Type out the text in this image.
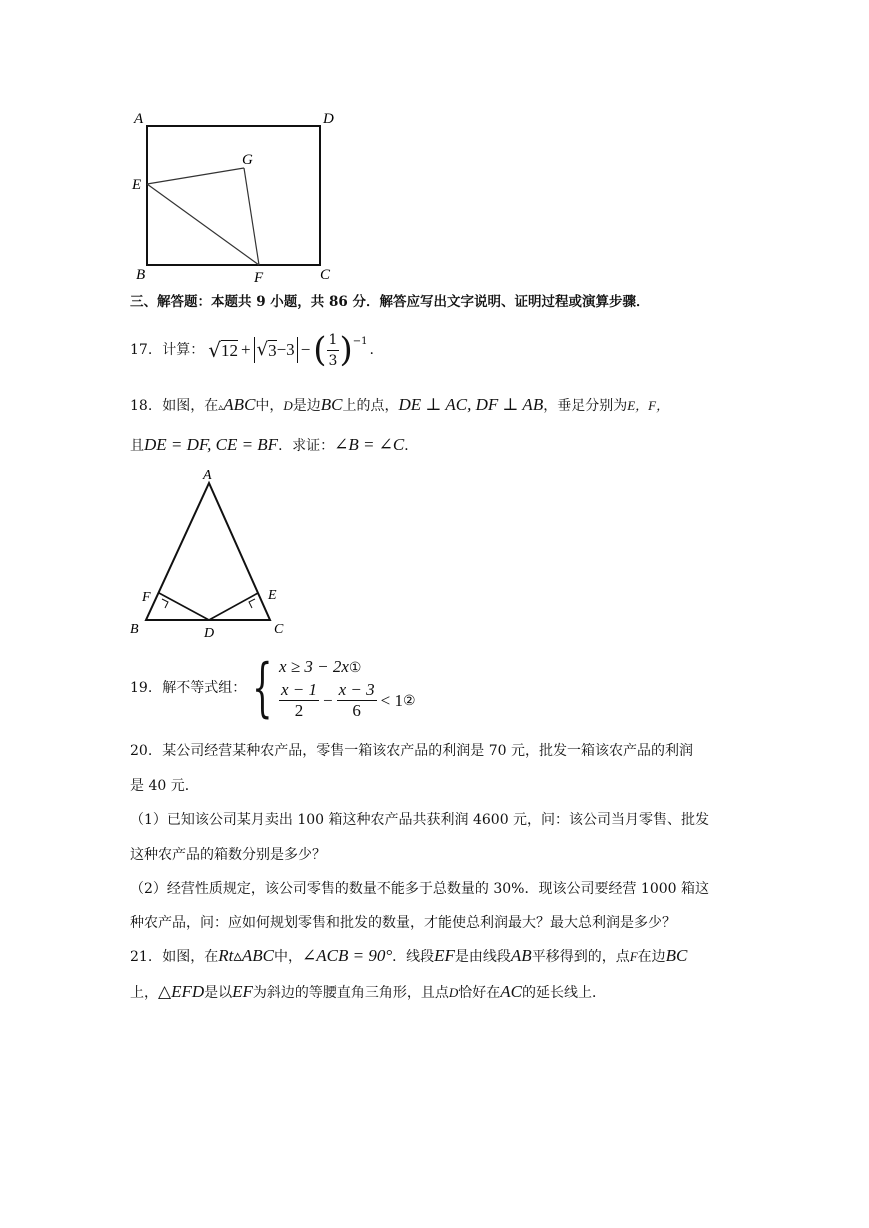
A	D
G
E
B	F	C
三、解答题：本题共 9 小题，共 86 分．解答应写出文字说明、证明过程或演算步骤．
17. 计算： √ 12 + √ 3 −3 − ( $\frac{1}{3} )^{-1}$
.
18. 如图，在▵ABC中，D是边BC上的点，DE ⊥ AC, DF ⊥ AB，垂足分别为E，F，
且DE = DF, CE = BF．求证：∠B = ∠C．
A
F	E
B	D	C
19. 解不等式组： { x ≥ 3 − 2x①
$\frac{x - 1}{2} - \frac{x - 3}{6} < 1$ ②
20. 某公司经营某种农产品，零售一箱该农产品的利润是 70 元，批发一箱该农产品的利润
是 40 元．
（1）已知该公司某月卖出 100 箱这种农产品共获利润 4600 元，问：该公司当月零售、批发
这种农产品的箱数分别是多少？
（2）经营性质规定，该公司零售的数量不能多于总数量的 30%．现该公司要经营 1000 箱这
种农产品，问：应如何规划零售和批发的数量，才能使总利润最大？最大总利润是多少？
21. 如图，在Rt▵ABC中，∠ACB = 90°．线段EF是由线段AB平移得到的，点F在边BC
上，△EFD是以EF为斜边的等腰直角三角形，且点D恰好在AC的延长线上．
